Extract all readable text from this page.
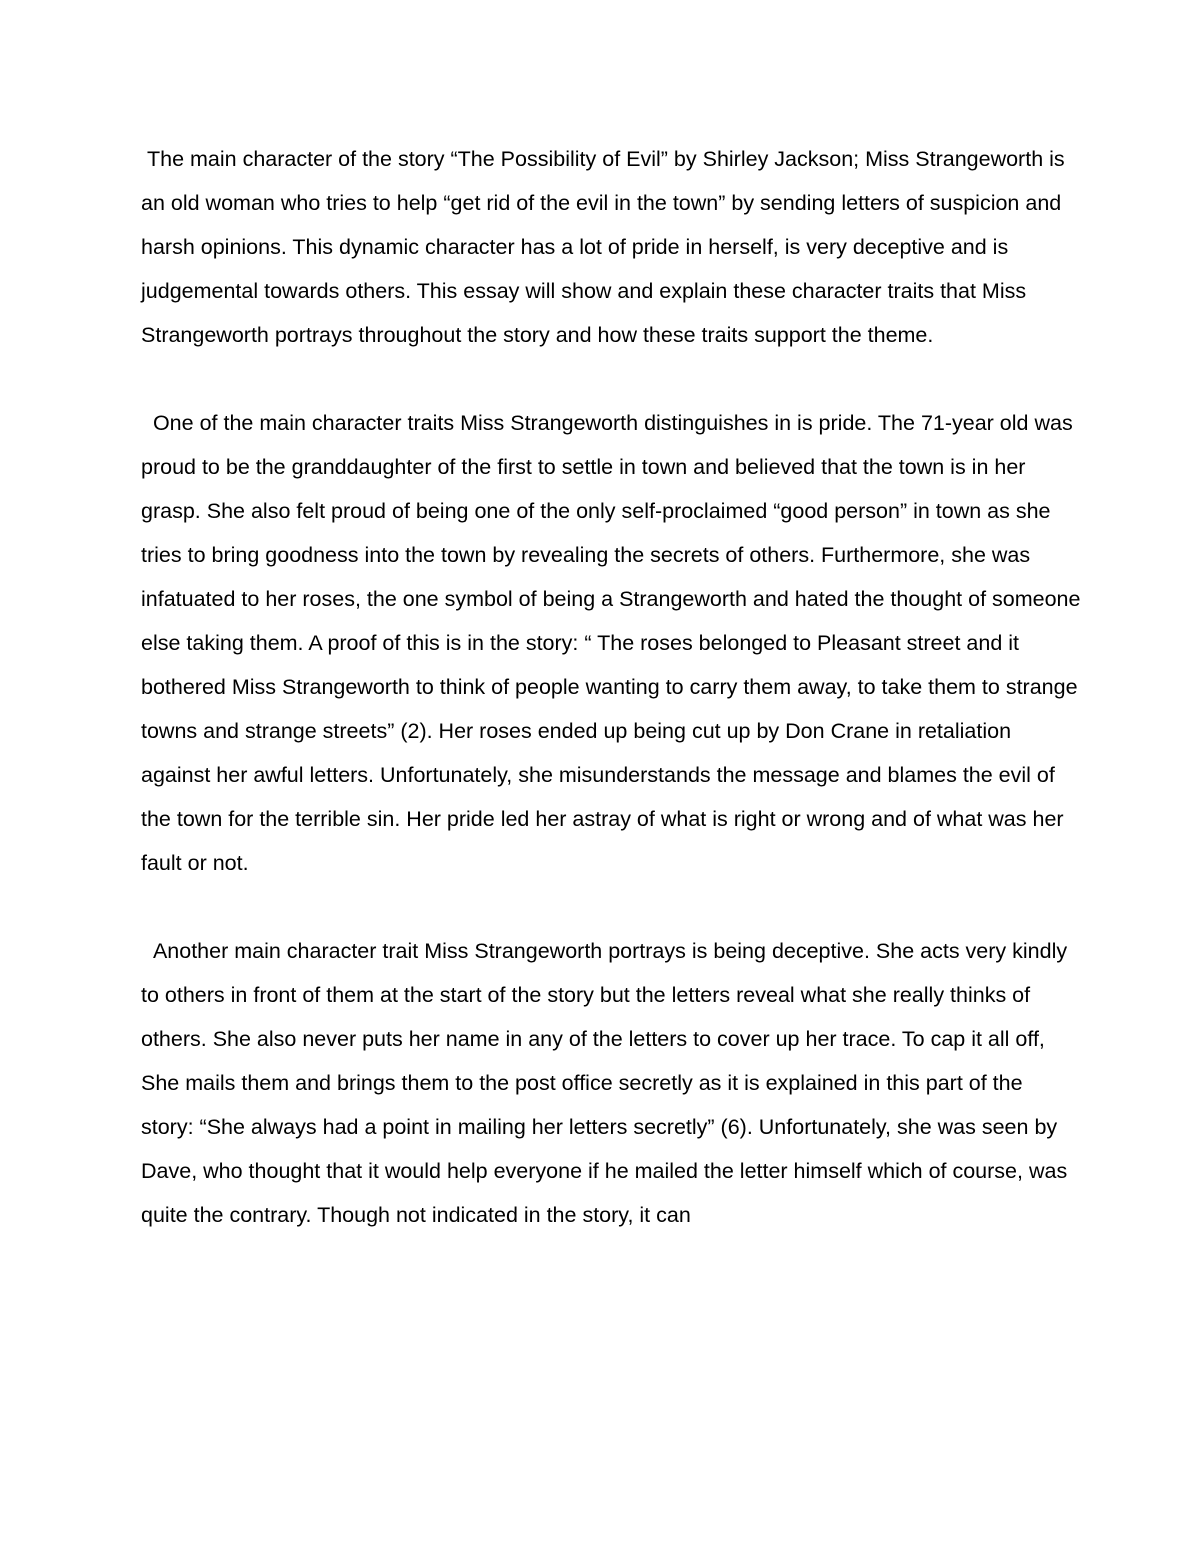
The main character of the story “The Possibility of Evil” by Shirley Jackson; Miss Strangeworth is an old woman who tries to help “get rid of the evil in the town” by sending letters of suspicion and harsh opinions. This dynamic character has a lot of pride in herself, is very deceptive and is judgemental towards others. This essay will show and explain these character traits that Miss Strangeworth portrays throughout the story and how these traits support the theme.

One of the main character traits Miss Strangeworth distinguishes in is pride. The 71-year old was proud to be the granddaughter of the first to settle in town and believed that the town is in her grasp. She also felt proud of being one of the only self-proclaimed “good person” in town as she tries to bring goodness into the town by revealing the secrets of others. Furthermore, she was infatuated to her roses, the one symbol of being a Strangeworth and hated the thought of someone else taking them. A proof of this is in the story: “ The roses belonged to Pleasant street and it bothered Miss Strangeworth to think of people wanting to carry them away, to take them to strange towns and strange streets” (2). Her roses ended up being cut up by Don Crane in retaliation against her awful letters. Unfortunately, she misunderstands the message and blames the evil of the town for the terrible sin. Her pride led her astray of what is right or wrong and of what was her fault or not.

Another main character trait Miss Strangeworth portrays is being deceptive. She acts very kindly to others in front of them at the start of the story but the letters reveal what she really thinks of others. She also never puts her name in any of the letters to cover up her trace. To cap it all off, She mails them and brings them to the post office secretly as it is explained in this part of the story: “She always had a point in mailing her letters secretly” (6). Unfortunately, she was seen by Dave, who thought that it would help everyone if he mailed the letter himself which of course, was quite the contrary. Though not indicated in the story, it can
